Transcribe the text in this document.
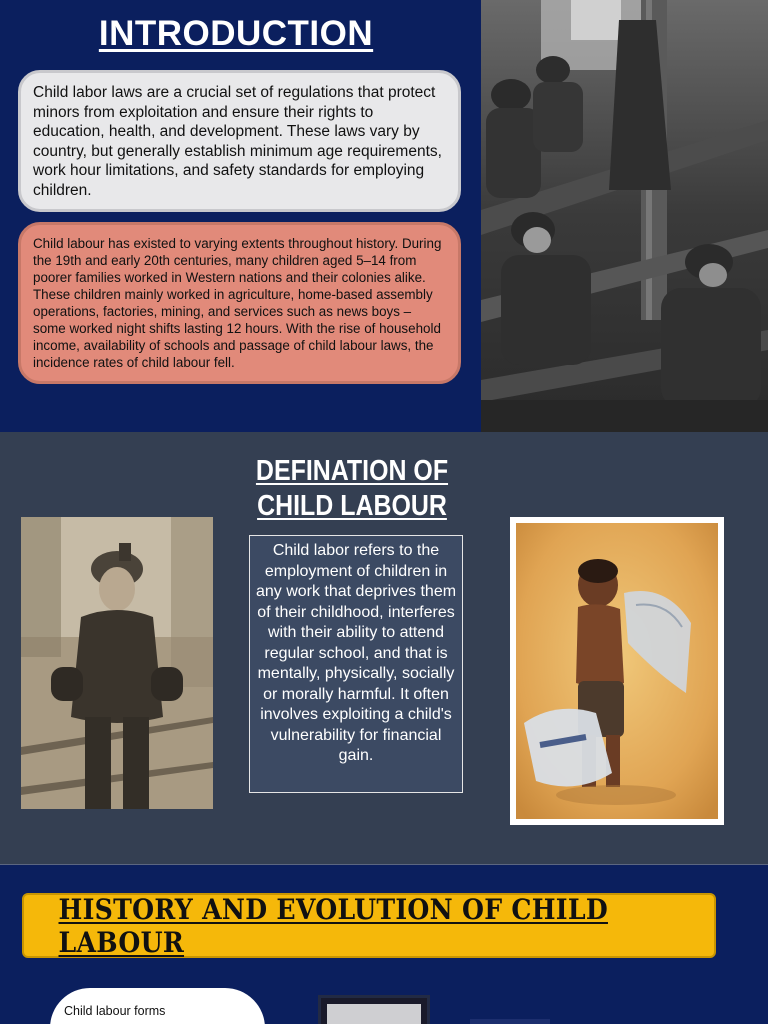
INTRODUCTION

Child labor laws are a crucial set of regulations that protect minors from exploitation and ensure their rights to education, health, and development. These laws vary by country, but generally establish minimum age requirements, work hour limitations, and safety standards for employing children.

Child labour has existed to varying extents throughout history. During the 19th and early 20th centuries, many children aged 5–14 from poorer families worked in Western nations and their colonies alike. These children mainly worked in agriculture, home-based assembly operations, factories, mining, and services such as news boys – some worked night shifts lasting 12 hours. With the rise of household income, availability of schools and passage of child labour laws, the incidence rates of child labour fell.

DEFINATION OF
CHILD LABOUR

Child labor refers to the employment of children in any work that deprives them of their childhood, interferes with their ability to attend regular school, and that is mentally, physically, socially or morally harmful. It often involves exploiting a child's vulnerability for financial gain.

HISTORY AND EVOLUTION OF CHILD LABOUR

Child labour forms
